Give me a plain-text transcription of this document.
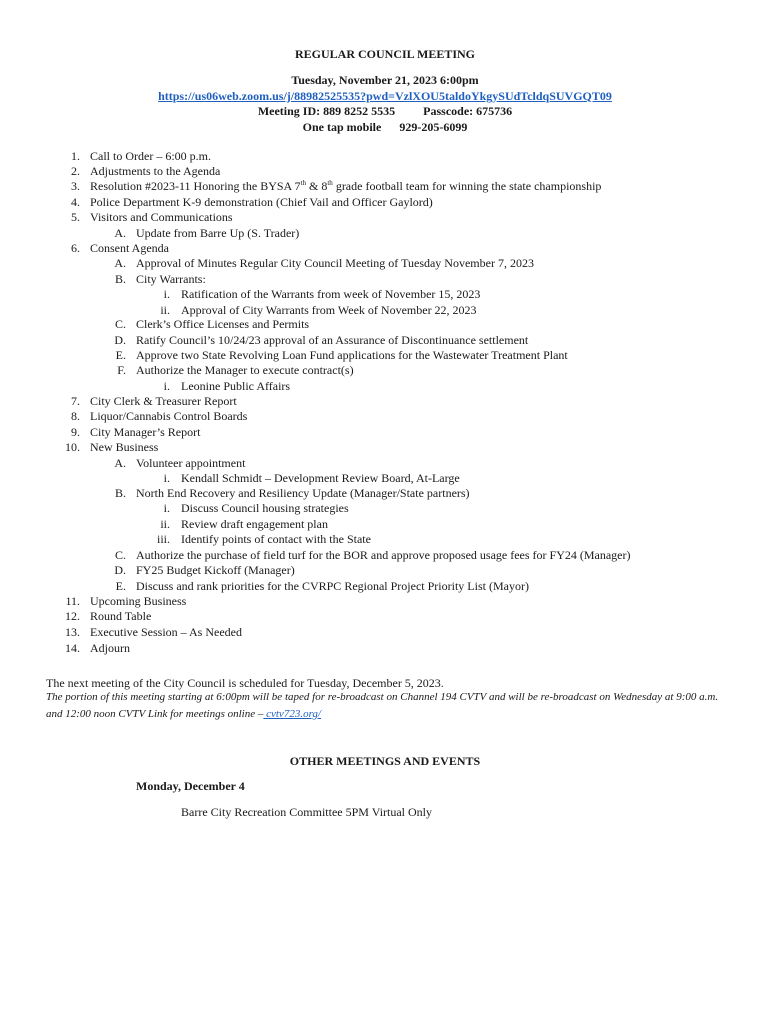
REGULAR COUNCIL MEETING
Tuesday, November 21, 2023 6:00pm
https://us06web.zoom.us/j/88982525535?pwd=VzlXOU5taldoYkgySUdTcldqSUVGQT09
Meeting ID: 889 8252 5535 Passcode: 675736
One tap mobile 929-205-6099
1. Call to Order – 6:00 p.m.
2. Adjustments to the Agenda
3. Resolution #2023-11 Honoring the BYSA 7th & 8th grade football team for winning the state championship
4. Police Department K-9 demonstration (Chief Vail and Officer Gaylord)
5. Visitors and Communications
A. Update from Barre Up (S. Trader)
6. Consent Agenda
A. Approval of Minutes Regular City Council Meeting of Tuesday November 7, 2023
B. City Warrants:
i. Ratification of the Warrants from week of November 15, 2023
ii. Approval of City Warrants from Week of November 22, 2023
C. Clerk’s Office Licenses and Permits
D. Ratify Council’s 10/24/23 approval of an Assurance of Discontinuance settlement
E. Approve two State Revolving Loan Fund applications for the Wastewater Treatment Plant
F. Authorize the Manager to execute contract(s)
i. Leonine Public Affairs
7. City Clerk & Treasurer Report
8. Liquor/Cannabis Control Boards
9. City Manager’s Report
10. New Business
A. Volunteer appointment
i. Kendall Schmidt – Development Review Board, At-Large
B. North End Recovery and Resiliency Update (Manager/State partners)
i. Discuss Council housing strategies
ii. Review draft engagement plan
iii. Identify points of contact with the State
C. Authorize the purchase of field turf for the BOR and approve proposed usage fees for FY24 (Manager)
D. FY25 Budget Kickoff (Manager)
E. Discuss and rank priorities for the CVRPC Regional Project Priority List (Mayor)
11. Upcoming Business
12. Round Table
13. Executive Session – As Needed
14. Adjourn
The next meeting of the City Council is scheduled for Tuesday, December 5, 2023.
The portion of this meeting starting at 6:00pm will be taped for re-broadcast on Channel 194 CVTV and will be re-broadcast on Wednesday at 9:00 a.m. and 12:00 noon CVTV Link for meetings online – cvtv723.org/
OTHER MEETINGS AND EVENTS
Monday, December 4
Barre City Recreation Committee 5PM Virtual Only
